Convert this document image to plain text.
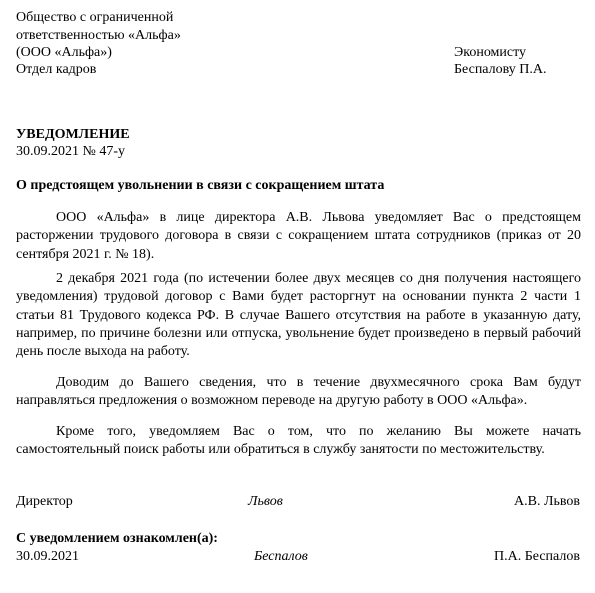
Общество с ограниченной
ответственностью «Альфа»
(ООО «Альфа»)
Отдел кадров
Экономисту
Беспалову П.А.
УВЕДОМЛЕНИЕ
30.09.2021 № 47-у
О предстоящем увольнении в связи с сокращением штата
ООО «Альфа» в лице директора А.В. Львова уведомляет Вас о предстоящем расторжении трудового договора в связи с сокращением штата сотрудников (приказ от 20 сентября 2021 г. № 18).
2 декабря 2021 года (по истечении более двух месяцев со дня получения настоящего уведомления) трудовой договор с Вами будет расторгнут на основании пункта 2 части 1 статьи 81 Трудового кодекса РФ. В случае Вашего отсутствия на работе в указанную дату, например, по причине болезни или отпуска, увольнение будет произведено в первый рабочий день после выхода на работу.
Доводим до Вашего сведения, что в течение двухмесячного срока Вам будут направляться предложения о возможном переводе на другую работу в ООО «Альфа».
Кроме того, уведомляем Вас о том, что по желанию Вы можете начать самостоятельный поиск работы или обратиться в службу занятости по местожительству.
Директор	Львов	А.В. Львов
С уведомлением ознакомлен(а):
30.09.2021	Беспалов	П.А. Беспалов
